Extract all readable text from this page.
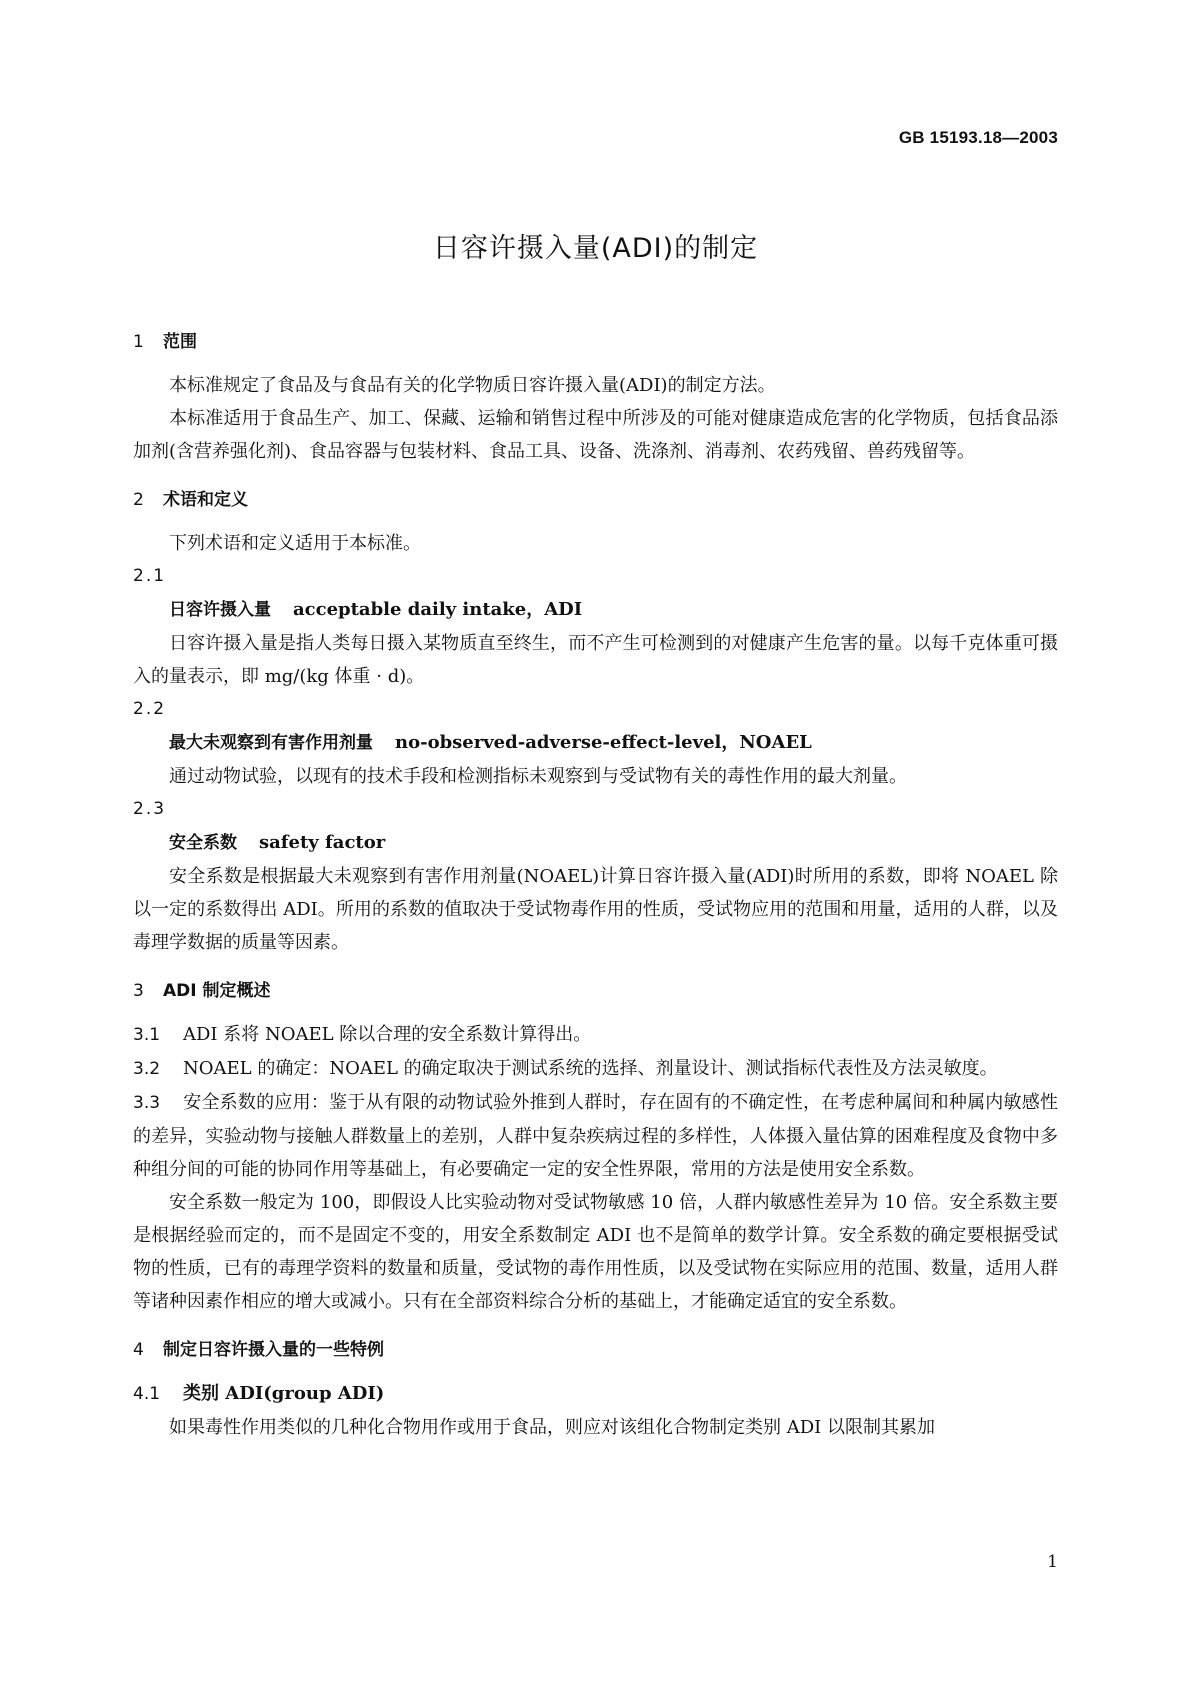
GB 15193.18—2003
日容许摄入量(ADI)的制定
1 范围
本标准规定了食品及与食品有关的化学物质日容许摄入量(ADI)的制定方法。
本标准适用于食品生产、加工、保藏、运输和销售过程中所涉及的可能对健康造成危害的化学物质，包括食品添加剂(含营养强化剂)、食品容器与包装材料、食品工具、设备、洗涤剂、消毒剂、农药残留、兽药残留等。
2 术语和定义
下列术语和定义适用于本标准。
2.1
日容许摄入量 acceptable daily intake，ADI
日容许摄入量是指人类每日摄入某物质直至终生，而不产生可检测到的对健康产生危害的量。以每千克体重可摄入的量表示，即 mg/(kg 体重 · d)。
2.2
最大未观察到有害作用剂量 no-observed-adverse-effect-level，NOAEL
通过动物试验，以现有的技术手段和检测指标未观察到与受试物有关的毒性作用的最大剂量。
2.3
安全系数 safety factor
安全系数是根据最大未观察到有害作用剂量(NOAEL)计算日容许摄入量(ADI)时所用的系数，即将 NOAEL 除以一定的系数得出 ADI。所用的系数的值取决于受试物毒作用的性质，受试物应用的范围和用量，适用的人群，以及毒理学数据的质量等因素。
3 ADI 制定概述
3.1 ADI 系将 NOAEL 除以合理的安全系数计算得出。
3.2 NOAEL 的确定：NOAEL 的确定取决于测试系统的选择、剂量设计、测试指标代表性及方法灵敏度。
3.3 安全系数的应用：鉴于从有限的动物试验外推到人群时，存在固有的不确定性，在考虑种属间和种属内敏感性的差异，实验动物与接触人群数量上的差别，人群中复杂疾病过程的多样性，人体摄入量估算的困难程度及食物中多种组分间的可能的协同作用等基础上，有必要确定一定的安全性界限，常用的方法是使用安全系数。
安全系数一般定为 100，即假设人比实验动物对受试物敏感 10 倍，人群内敏感性差异为 10 倍。安全系数主要是根据经验而定的，而不是固定不变的，用安全系数制定 ADI 也不是简单的数学计算。安全系数的确定要根据受试物的性质，已有的毒理学资料的数量和质量，受试物的毒作用性质，以及受试物在实际应用的范围、数量，适用人群等诸种因素作相应的增大或减小。只有在全部资料综合分析的基础上，才能确定适宜的安全系数。
4 制定日容许摄入量的一些特例
4.1 类别 ADI(group ADI)
如果毒性作用类似的几种化合物用作或用于食品，则应对该组化合物制定类别 ADI 以限制其累加
1
